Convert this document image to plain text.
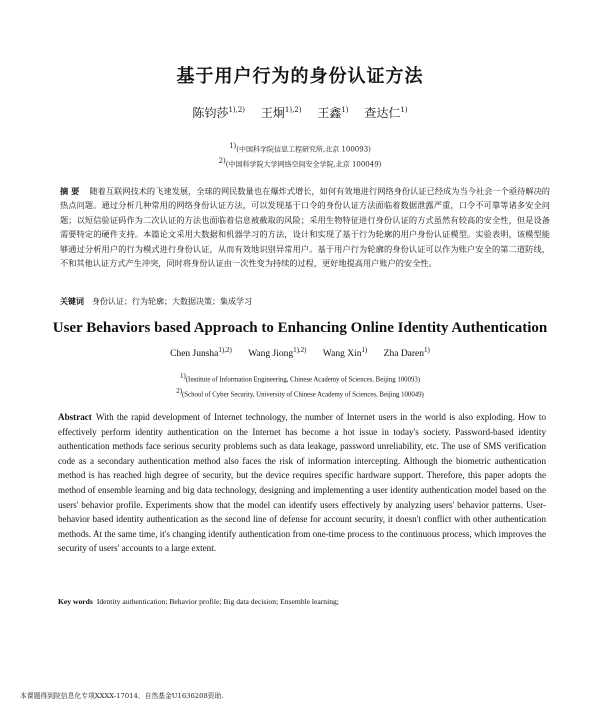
基于用户行为的身份认证方法
陈钧莎$^{1),2)}$ 王炯$^{1),2)}$ 王鑫$^{1)}$ 查达仁$^{1)}$
$^{1)}$(中国科学院信息工程研究所,北京 100093)
$^{2)}$(中国科学院大学网络空间安全学院,北京 100049)
摘 要 随着互联网技术的飞速发展，全球的网民数量也在爆炸式增长，如何有效地进行网络身份认证已经成为当今社会一个亟待解决的热点问题。通过分析几种常用的网络身份认证方法，可以发现基于口令的身份认证方法面临着数据泄露严重，口令不可靠等诸多安全问题；以短信验证码作为二次认证的方法也面临着信息被截取的风险；采用生物特征进行身份认证的方式虽然有较高的安全性，但是设备需要特定的硬件支持。本篇论文采用大数据和机器学习的方法，设计和实现了基于行为轮廓的用户身份认证模型。实验表明，该模型能够通过分析用户的行为模式进行身份认证，从而有效地识别异常用户。基于用户行为轮廓的身份认证可以作为账户安全的第二道防线，不和其他认证方式产生冲突，同时将身份认证由一次性变为持续的过程，更好地提高用户账户的安全性。
关键词 身份认证；行为轮廓；大数据决策；集成学习
User Behaviors based Approach to Enhancing Online Identity Authentication
Chen Junsha$^{1),2)}$ Wang Jiong$^{1),2)}$ Wang Xin$^{1)}$ Zha Daren$^{1)}$
$^{1)}$(Institute of Information Engineering, Chinese Academy of Sciences, Beijing 100093)
$^{2)}$(School of Cyber Security, University of Chinese Academy of Sciences, Beijing 100049)
Abstract With the rapid development of Internet technology, the number of Internet users in the world is also exploding. How to effectively perform identity authentication on the Internet has become a hot issue in today's society. Password-based identity authentication methods face serious security problems such as data leakage, password unreliability, etc. The use of SMS verification code as a secondary authentication method also faces the risk of information intercepting. Although the biometric authentication method is has reached high degree of security, but the device requires specific hardware support. Therefore, this paper adopts the method of ensemble learning and big data technology, designing and implementing a user identity authentication model based on the users' behavior profile. Experiments show that the model can identify users effectively by analyzing users' behavior patterns. User-behavior based identity authentication as the second line of defense for account security, it doesn't conflict with other authentication methods. At the same time, it's changing identify authentication from one-time process to the continuous process, which improves the security of users' accounts to a large extent.
Key words Identity authentication; Behavior profile; Big data decision; Ensemble learning;
本课题得到院信息化专项XXXX-17014、自然基金U1636208资助.
